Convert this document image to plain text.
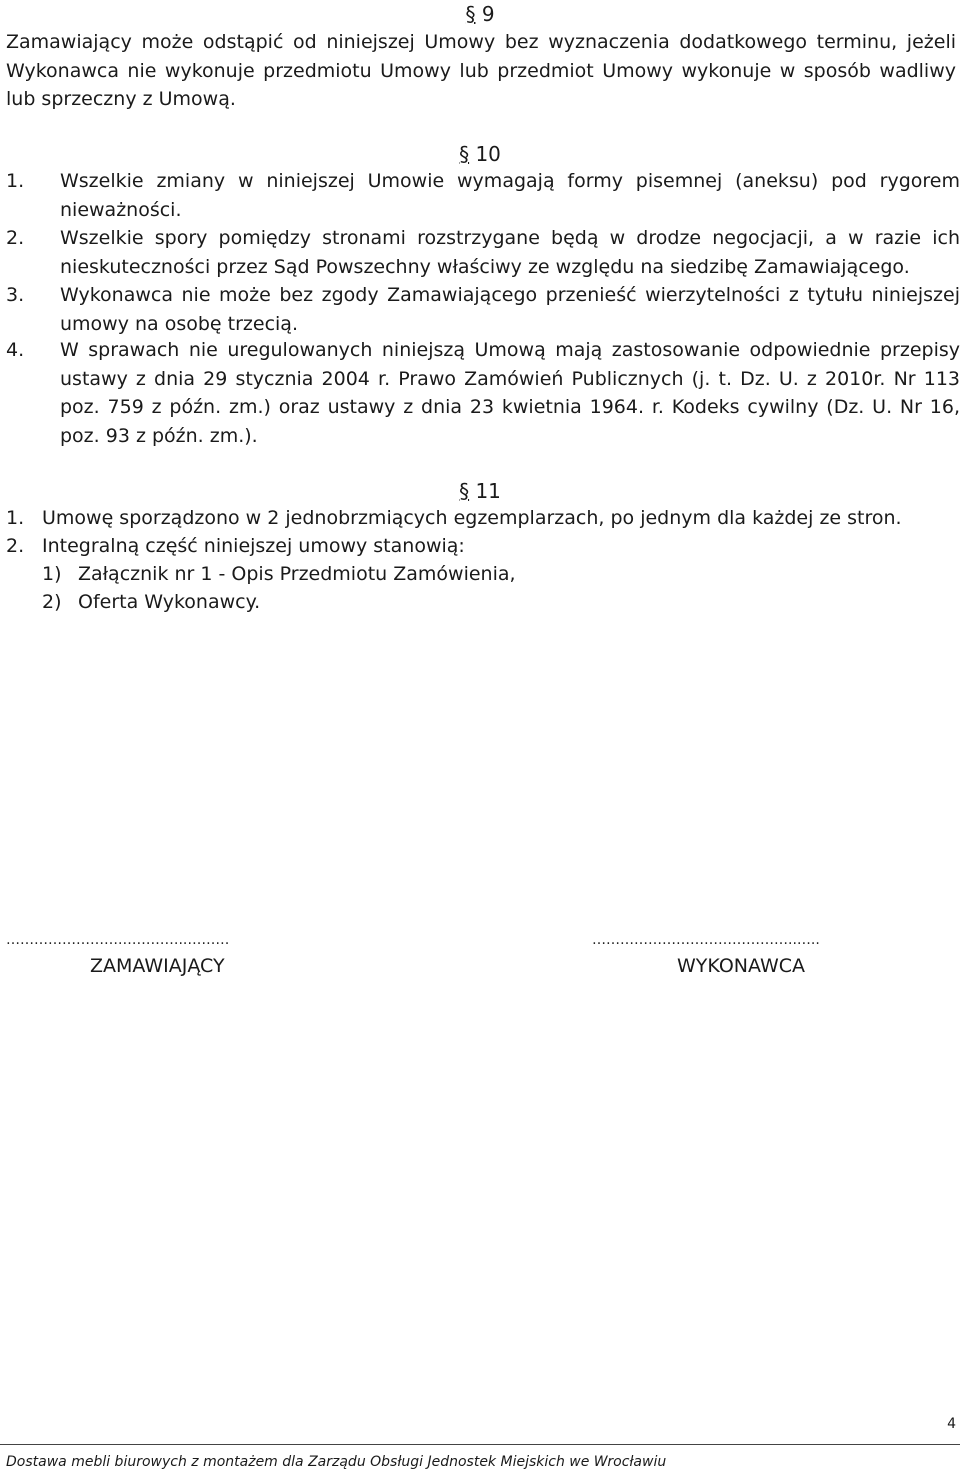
§ 9
Zamawiający może odstąpić od niniejszej Umowy bez wyznaczenia dodatkowego terminu, jeżeli Wykonawca nie wykonuje przedmiotu Umowy lub przedmiot Umowy wykonuje w sposób wadliwy lub sprzeczny z Umową.
§ 10
1. Wszelkie zmiany w niniejszej Umowie wymagają formy pisemnej (aneksu) pod rygorem nieważności.
2. Wszelkie spory pomiędzy stronami rozstrzygane będą w drodze negocjacji, a w razie ich nieskuteczności przez Sąd Powszechny właściwy ze względu na siedzibę Zamawiającego.
3. Wykonawca nie może bez zgody Zamawiającego przenieść wierzytelności z tytułu niniejszej umowy na osobę trzecią.
4. W sprawach nie uregulowanych niniejszą Umową mają zastosowanie odpowiednie przepisy ustawy z dnia 29 stycznia 2004 r. Prawo Zamówień Publicznych (j. t. Dz. U. z 2010r. Nr 113 poz. 759 z późn. zm.) oraz ustawy z dnia 23 kwietnia 1964. r. Kodeks cywilny (Dz. U. Nr 16, poz. 93 z późn. zm.).
§ 11
1. Umowę sporządzono w 2 jednobrzmiących egzemplarzach, po jednym dla każdej ze stron.
2. Integralną część niniejszej umowy stanowią:
1) Załącznik nr 1 - Opis Przedmiotu Zamówienia,
2) Oferta Wykonawcy.
…………………….…………..………	……………………………………..…..
ZAMAWIAJĄCY	WYKONAWCA
4
Dostawa mebli biurowych z montażem dla Zarządu Obsługi Jednostek Miejskich we Wrocławiu
